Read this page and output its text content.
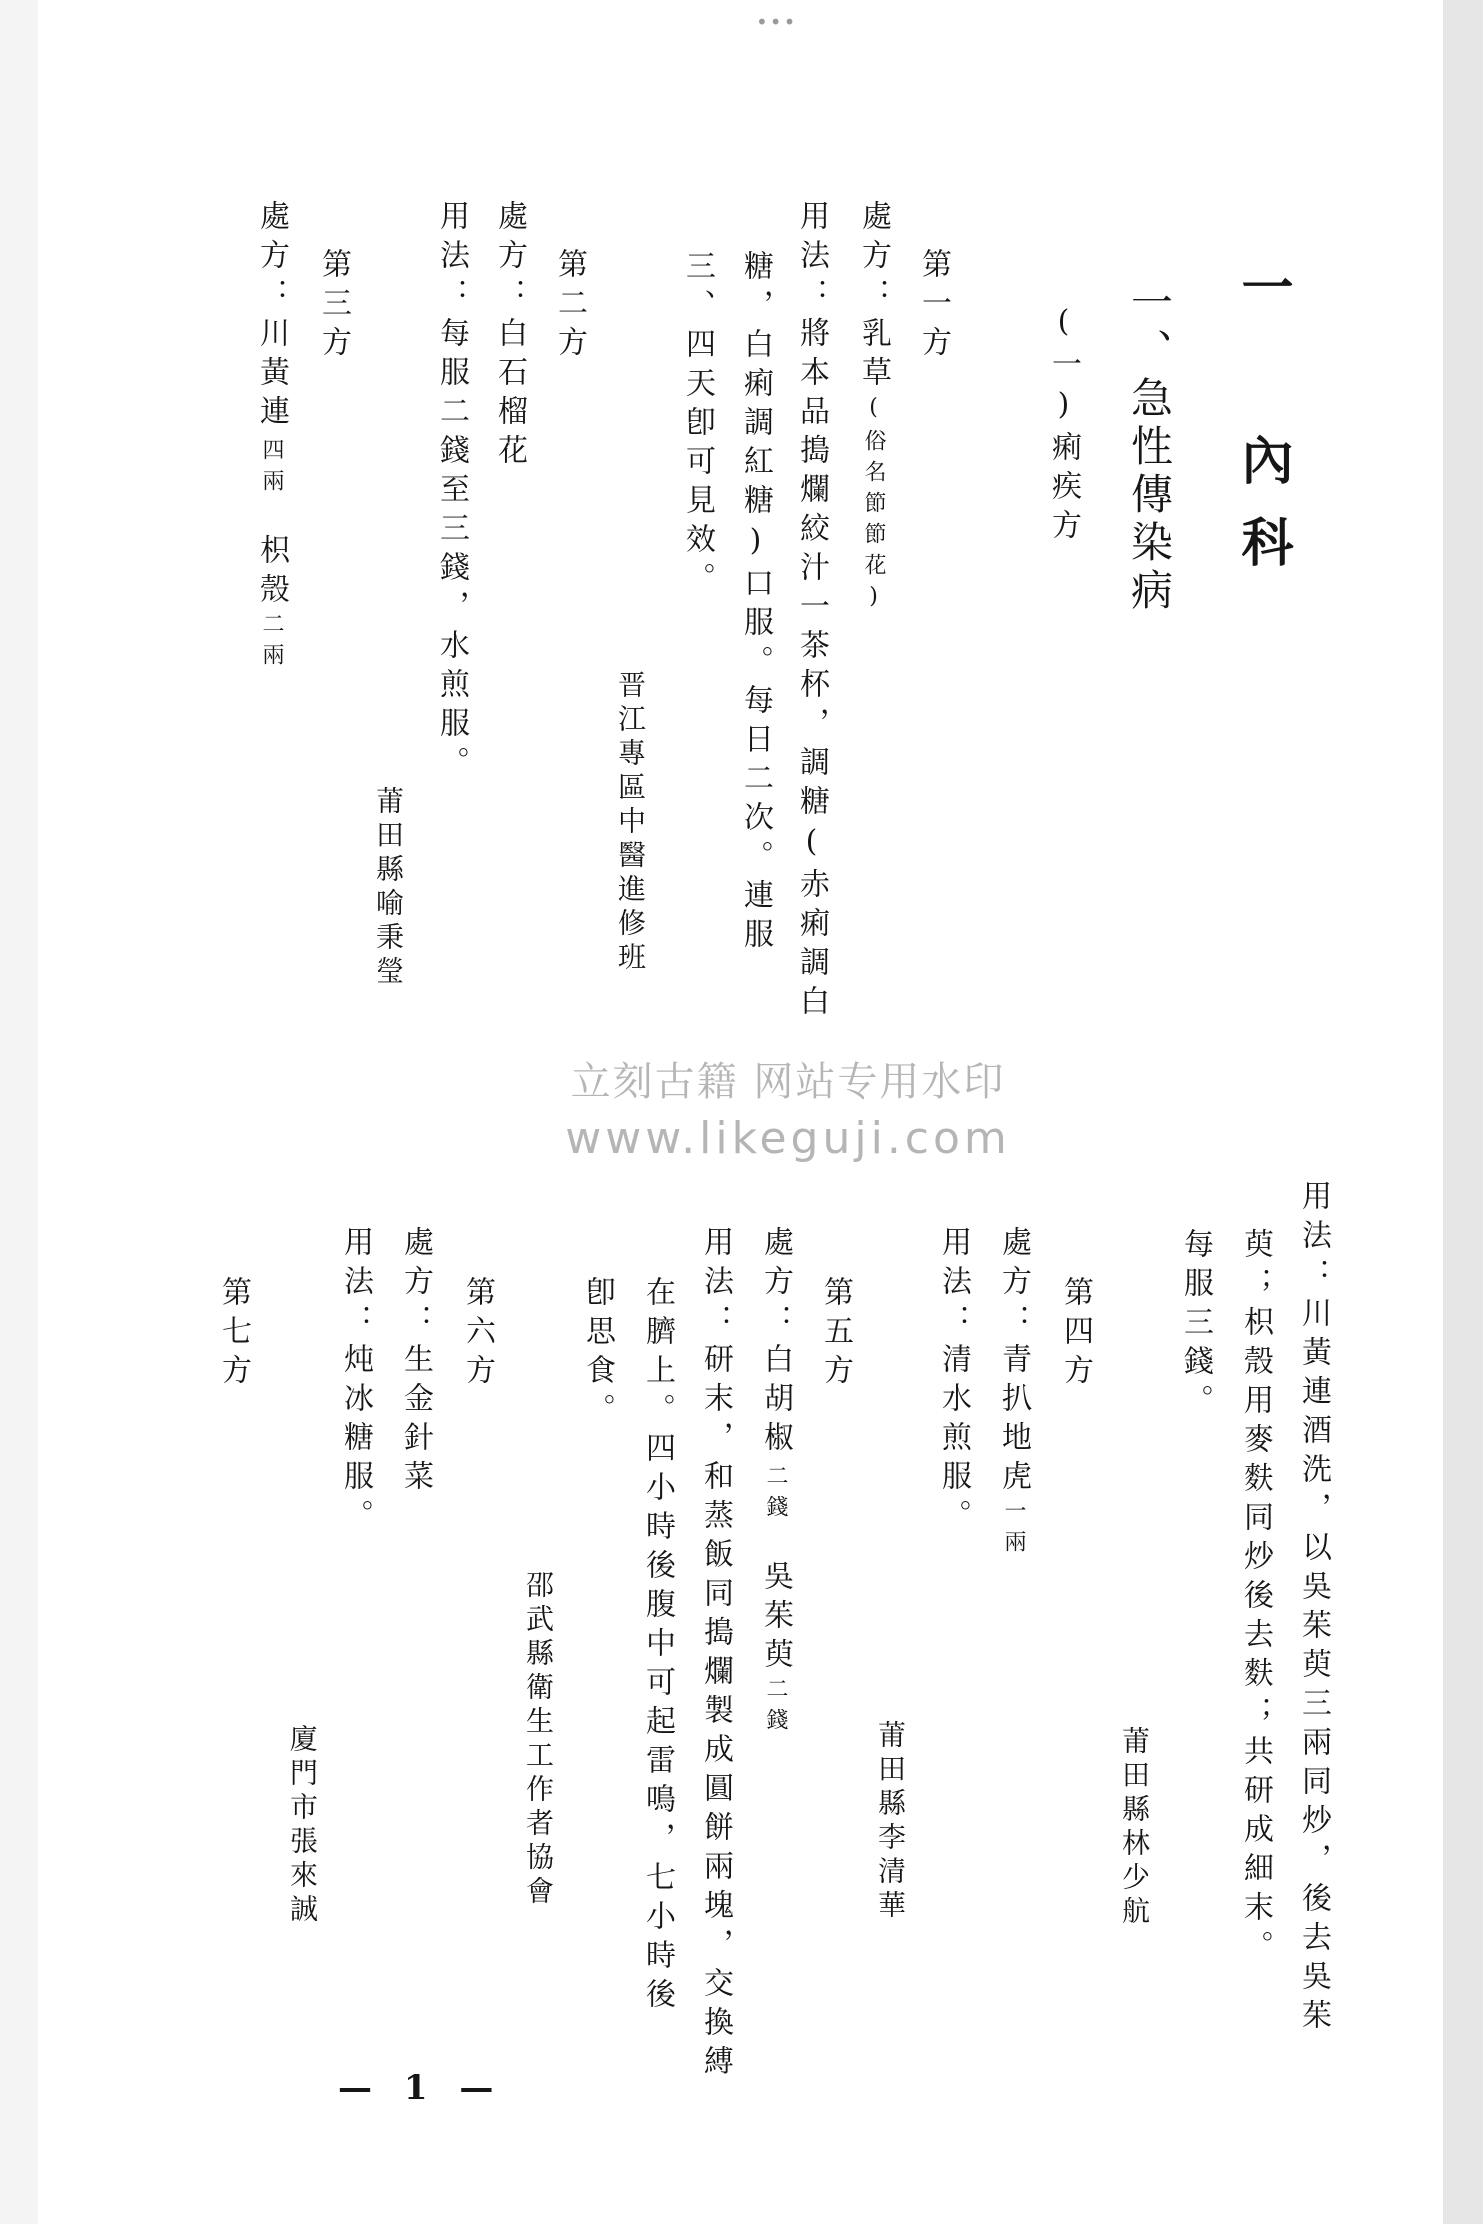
•••
一 內科
一、急性傳染病
(一)痢疾方
第一方
處方：乳草(俗名節節花)
用法：將本品搗爛絞汁一茶杯，調糖(赤痢調白
糖，白痢調紅糖)口服。每日二次。連服
三、四天卽可見效。
晋江專區中醫進修班
第二方
處方：白石榴花
用法：每服二錢至三錢，水煎服。
莆田縣喻秉瑩
第三方
處方：川黃連四兩枳殼二兩
用法：川黃連酒洗，以吳茱萸三兩同炒，後去吳茱
萸；枳殼用麥麩同炒後去麩；共研成細末。
每服三錢。
莆田縣林少航
第四方
處方：青扒地虎一兩
用法：清水煎服。
莆田縣李清華
第五方
處方：白胡椒二錢吳茱萸二錢
用法：研末，和蒸飯同搗爛製成圓餅兩塊，交換縛
在臍上。四小時後腹中可起雷鳴，七小時後
卽思食。
邵武縣衛生工作者協會
第六方
處方：生金針菜
用法：炖冰糖服。
第七方
廈門市張來誠
立刻古籍 网站专用水印
www.likeguji.com
— 1 —
